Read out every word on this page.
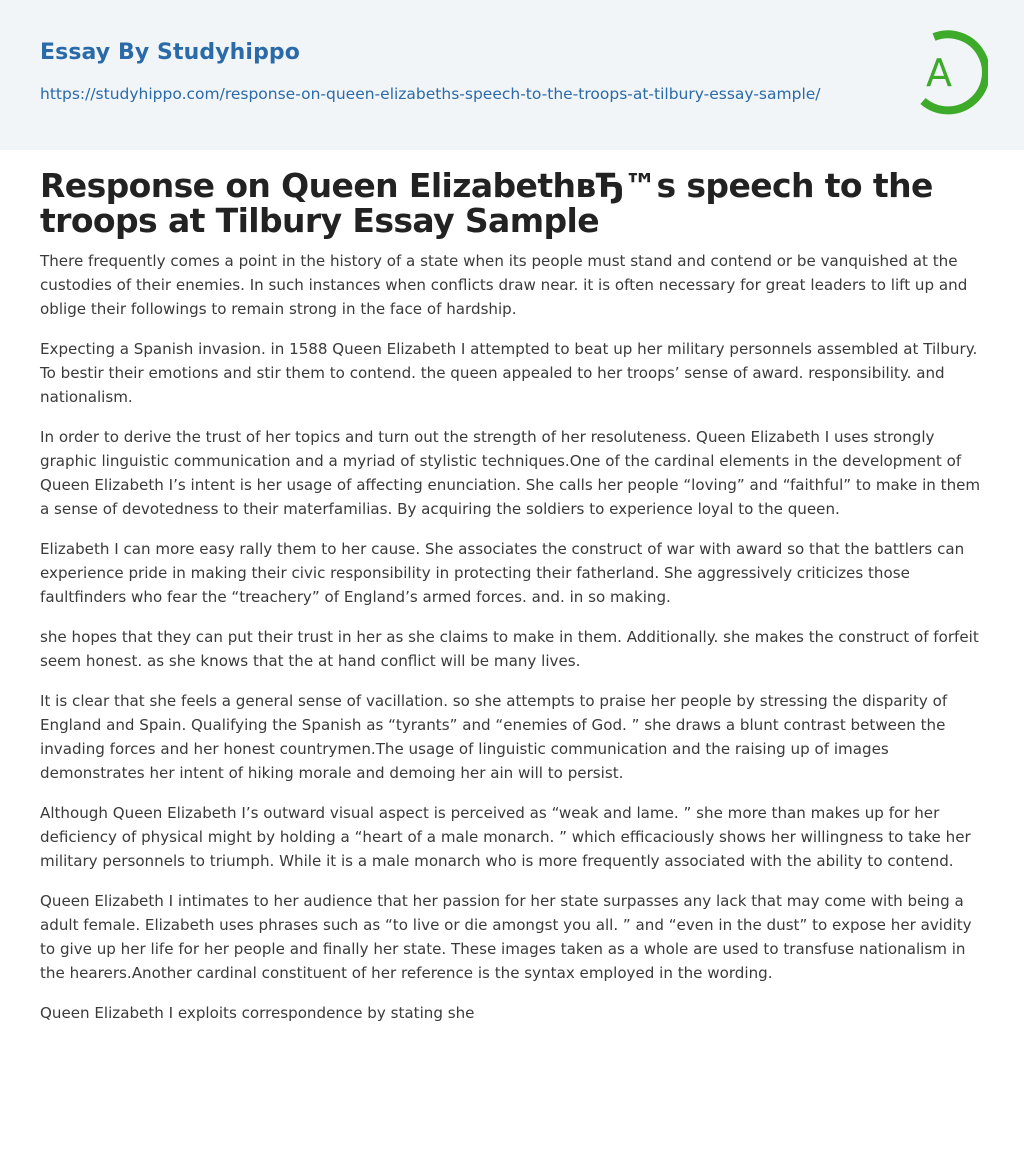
Essay By Studyhippo
https://studyhippo.com/response-on-queen-elizabeths-speech-to-the-troops-at-tilbury-essay-sample/	A
Response on Queen ElizabethвЂ™s speech to the troops at Tilbury Essay Sample

There frequently comes a point in the history of a state when its people must stand and contend or be vanquished at the custodies of their enemies. In such instances when conflicts draw near. it is often necessary for great leaders to lift up and oblige their followings to remain strong in the face of hardship.

Expecting a Spanish invasion. in 1588 Queen Elizabeth I attempted to beat up her military personnels assembled at Tilbury. To bestir their emotions and stir them to contend. the queen appealed to her troops’ sense of award. responsibility. and nationalism.

In order to derive the trust of her topics and turn out the strength of her resoluteness. Queen Elizabeth I uses strongly graphic linguistic communication and a myriad of stylistic techniques.One of the cardinal elements in the development of Queen Elizabeth I’s intent is her usage of affecting enunciation. She calls her people “loving” and “faithful” to make in them a sense of devotedness to their materfamilias. By acquiring the soldiers to experience loyal to the queen.

Elizabeth I can more easy rally them to her cause. She associates the construct of war with award so that the battlers can experience pride in making their civic responsibility in protecting their fatherland. She aggressively criticizes those faultfinders who fear the “treachery” of England’s armed forces. and. in so making.

she hopes that they can put their trust in her as she claims to make in them. Additionally. she makes the construct of forfeit seem honest. as she knows that the at hand conflict will be many lives.

It is clear that she feels a general sense of vacillation. so she attempts to praise her people by stressing the disparity of England and Spain. Qualifying the Spanish as “tyrants” and “enemies of God. ” she draws a blunt contrast between the invading forces and her honest countrymen.The usage of linguistic communication and the raising up of images demonstrates her intent of hiking morale and demoing her ain will to persist.

Although Queen Elizabeth I’s outward visual aspect is perceived as “weak and lame. ” she more than makes up for her deficiency of physical might by holding a “heart of a male monarch. ” which efficaciously shows her willingness to take her military personnels to triumph. While it is a male monarch who is more frequently associated with the ability to contend.

Queen Elizabeth I intimates to her audience that her passion for her state surpasses any lack that may come with being a adult female. Elizabeth uses phrases such as “to live or die amongst you all. ” and “even in the dust” to expose her avidity to give up her life for her people and finally her state. These images taken as a whole are used to transfuse nationalism in the hearers.Another cardinal constituent of her reference is the syntax employed in the wording.

Queen Elizabeth I exploits correspondence by stating she
